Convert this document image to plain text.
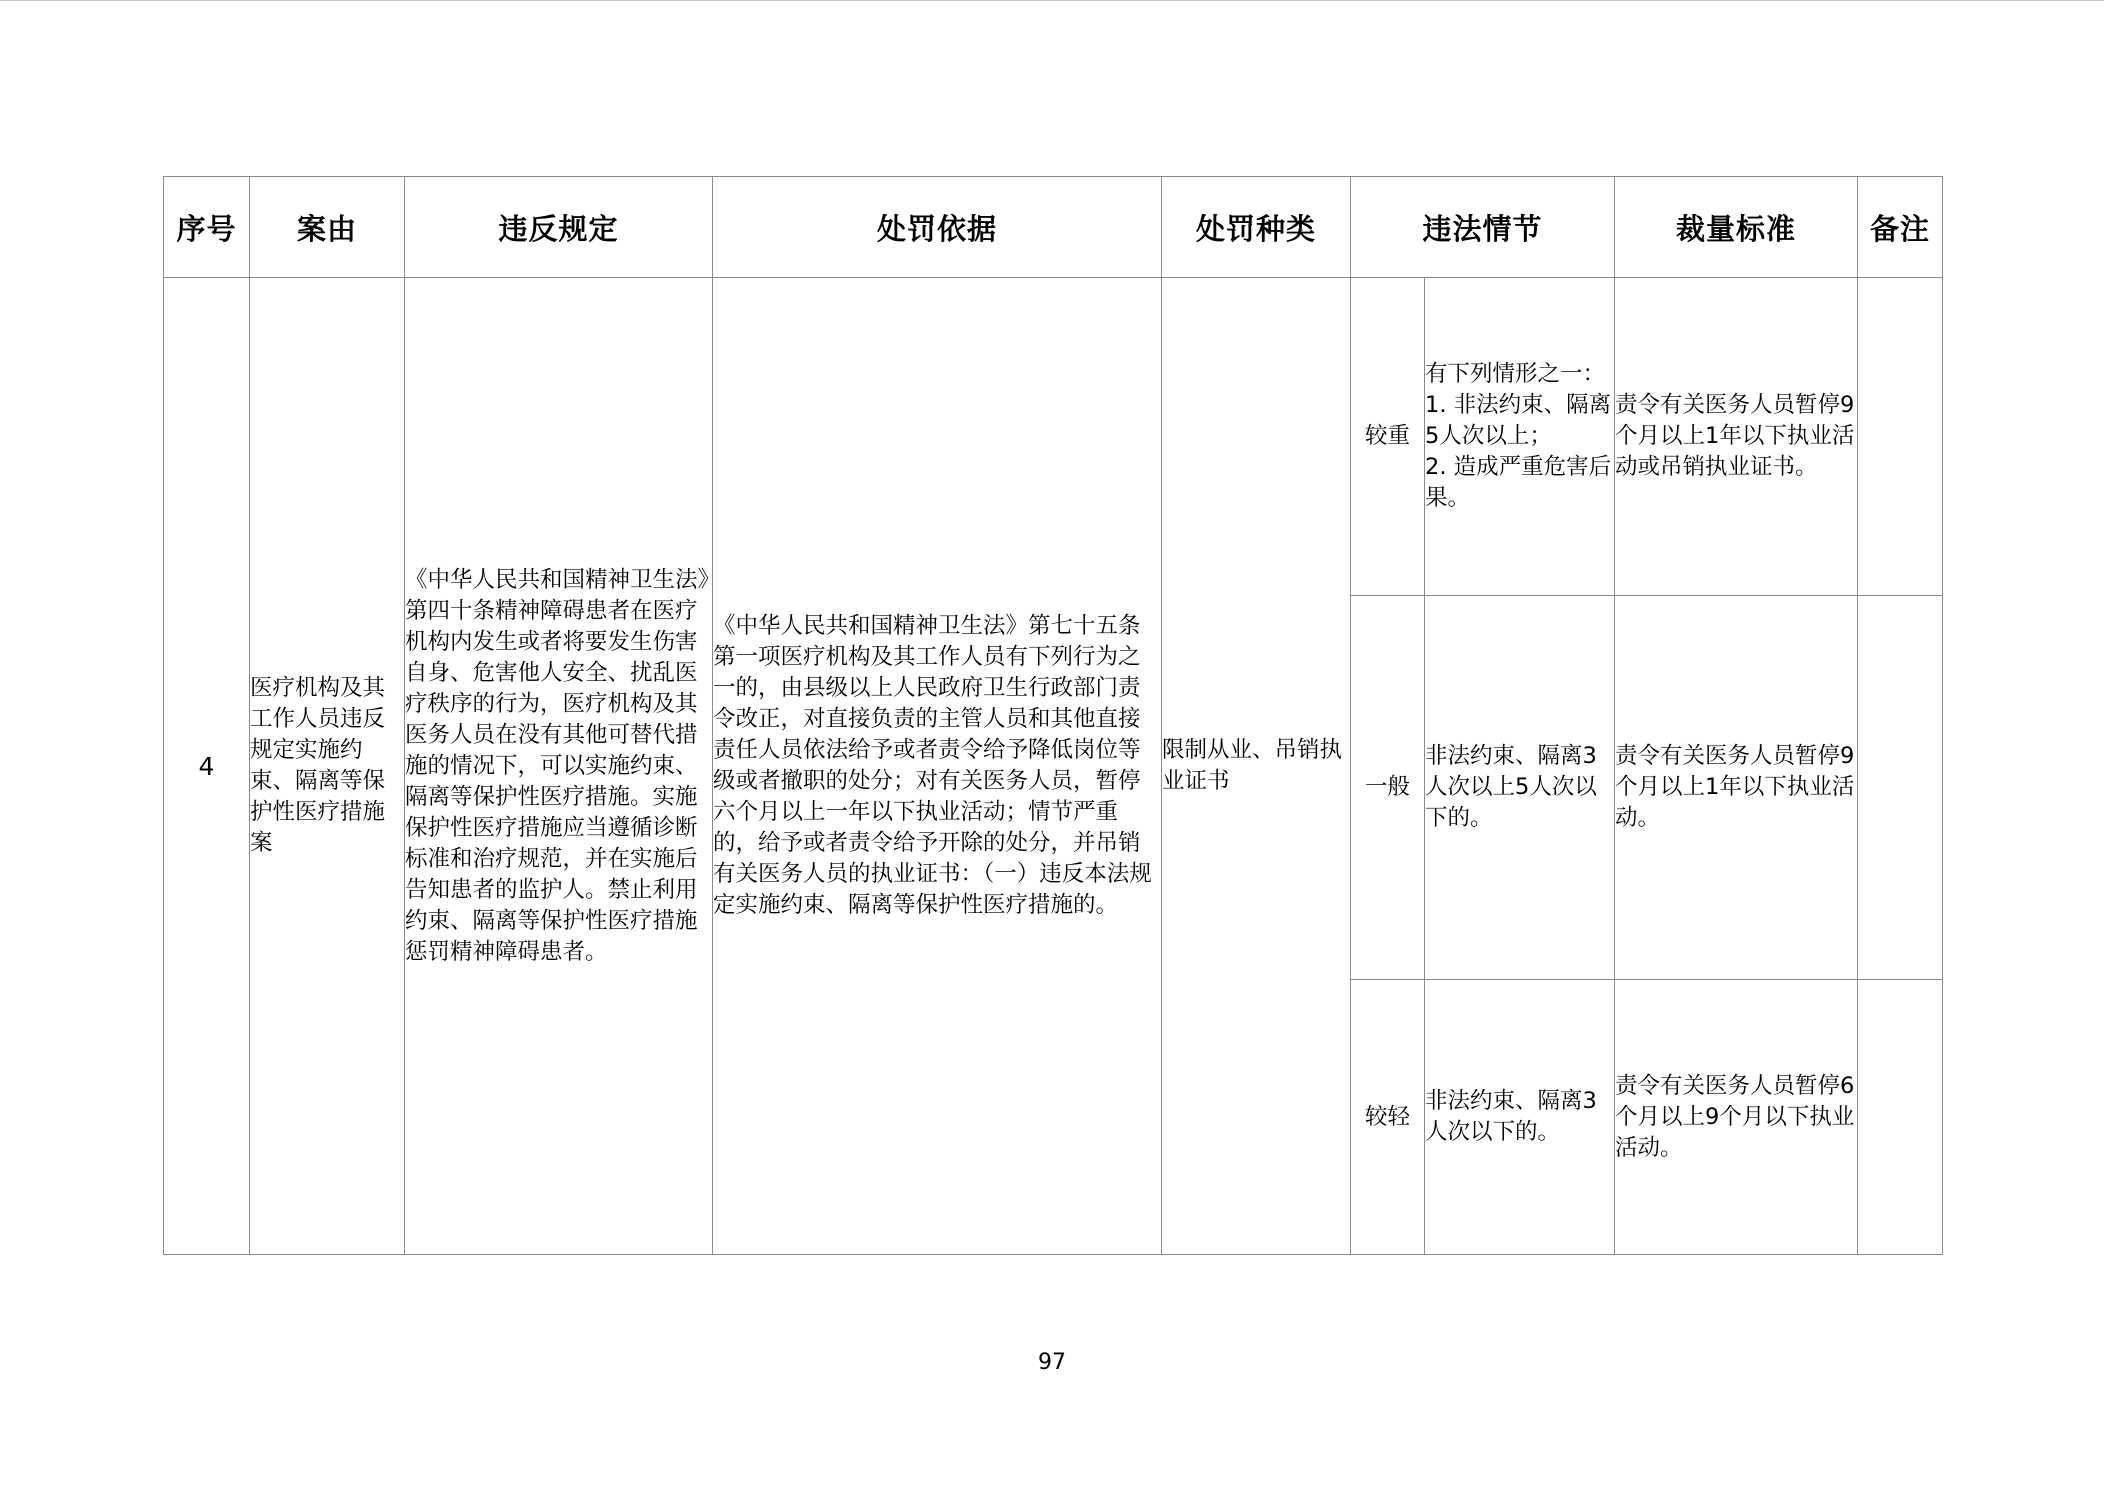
序号	案由	违反规定	处罚依据	处罚种类	违法情节		裁量标准	备注
4	医疗机构及其工作人员违反规定实施约束、隔离等保护性医疗措施案	《中华人民共和国精神卫生法》第四十条精神障碍患者在医疗机构内发生或者将要发生伤害自身、危害他人安全、扰乱医疗秩序的行为，医疗机构及其医务人员在没有其他可替代措施的情况下，可以实施约束、隔离等保护性医疗措施。实施保护性医疗措施应当遵循诊断标准和治疗规范，并在实施后告知患者的监护人。禁止利用约束、隔离等保护性医疗措施惩罚精神障碍患者。	《中华人民共和国精神卫生法》第七十五条第一项医疗机构及其工作人员有下列行为之一的，由县级以上人民政府卫生行政部门责令改正，对直接负责的主管人员和其他直接责任人员依法给予或者责令给予降低岗位等级或者撤职的处分；对有关医务人员，暂停六个月以上一年以下执业活动；情节严重的，给予或者责令给予开除的处分，并吊销有关医务人员的执业证书：（一）违反本法规定实施约束、隔离等保护性医疗措施的。	限制从业、吊销执业证书	较重	有下列情形之一：
1. 非法约束、隔离5人次以上；
2. 造成严重危害后果。	责令有关医务人员暂停9个月以上1年以下执业活动或吊销执业证书。	
					一般	非法约束、隔离3人次以上5人次以下的。	责令有关医务人员暂停9个月以上1年以下执业活动。	
					较轻	非法约束、隔离3人次以下的。	责令有关医务人员暂停6个月以上9个月以下执业活动。	
97
